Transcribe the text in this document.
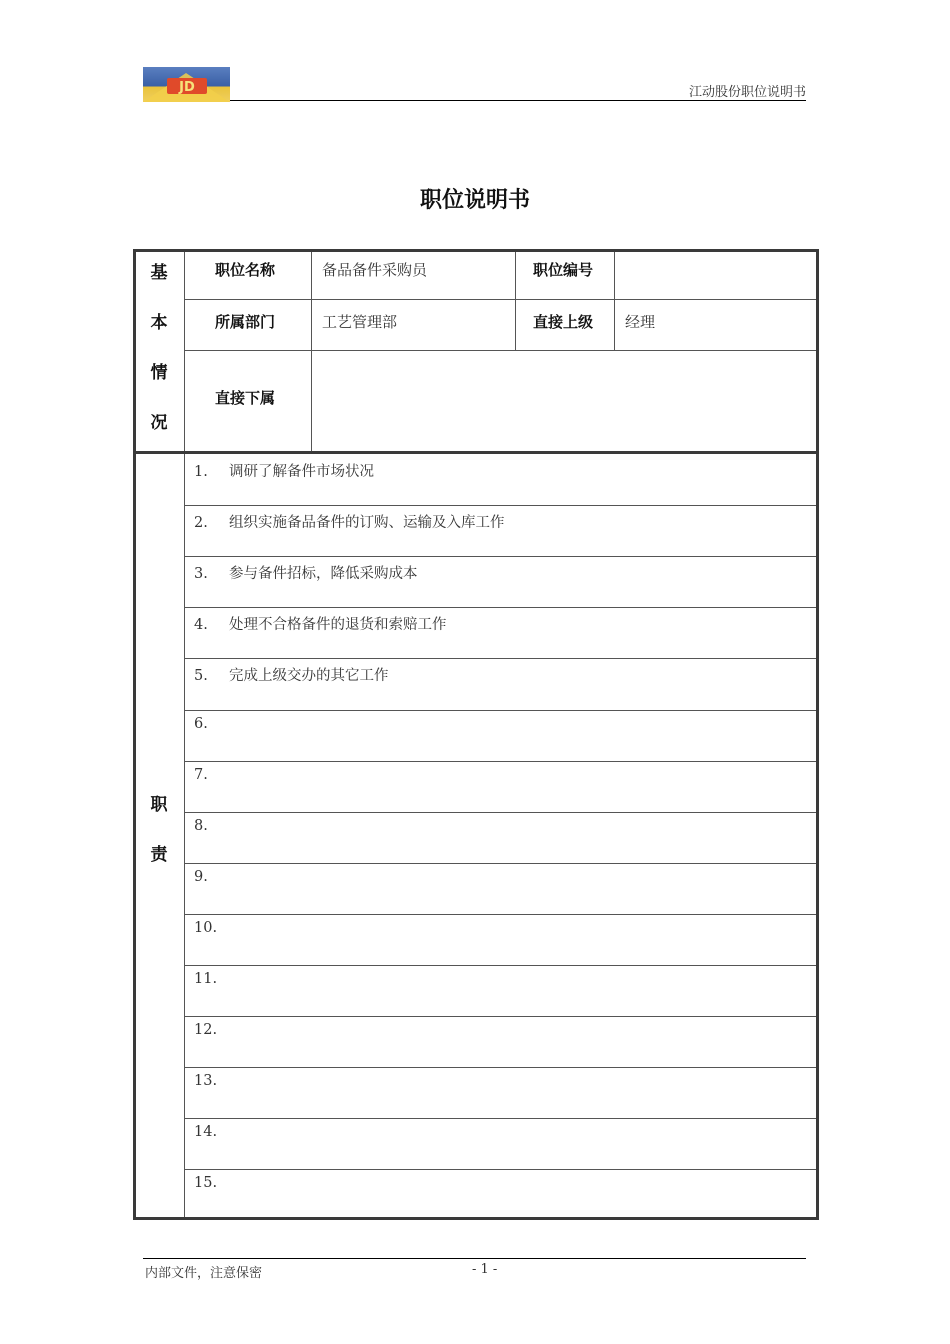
JD	江动股份职位说明书
职位说明书
基
本
情
况
职位名称	备品备件采购员	职位编号
所属部门	工艺管理部	直接上级 经理
直接下属
职
责
1. 调研了解备件市场状况
2. 组织实施备品备件的订购、运输及入库工作
3. 参与备件招标，降低采购成本
4. 处理不合格备件的退货和索赔工作
5. 完成上级交办的其它工作
6.
7.
8.
9.
10.
11.
12.
13.
14.
15.
内部文件，注意保密	- 1 -
